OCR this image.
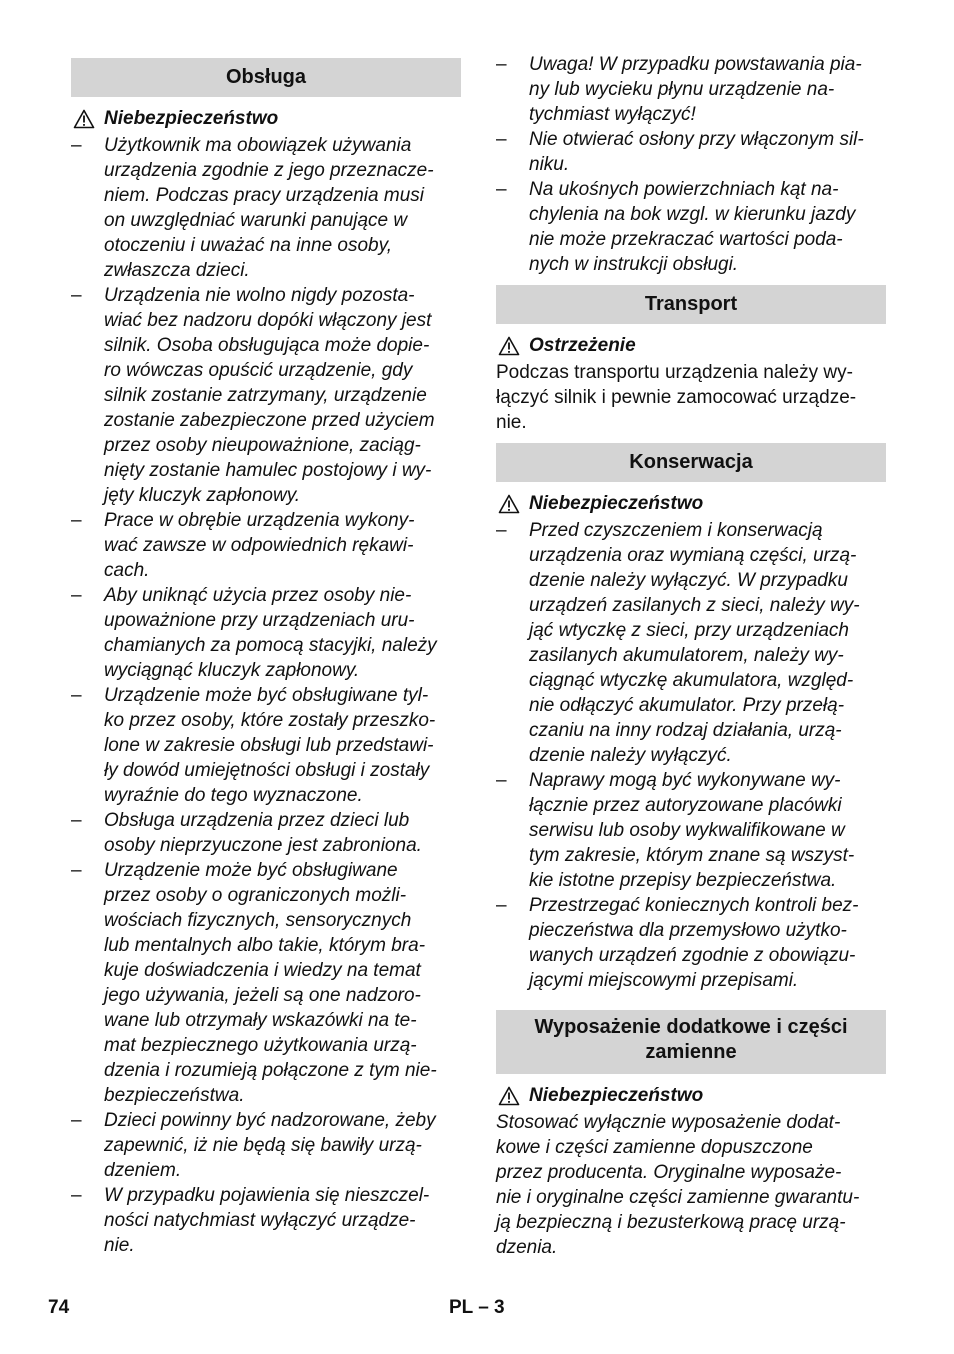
Obsługa
Niebezpieczeństwo
– Użytkownik ma obowiązek używania
urządzenia zgodnie z jego przeznacze-
niem. Podczas pracy urządzenia musi
on uwzględniać warunki panujące w
otoczeniu i uważać na inne osoby,
zwłaszcza dzieci.
– Urządzenia nie wolno nigdy pozosta-
wiać bez nadzoru dopóki włączony jest
silnik. Osoba obsługująca może dopie-
ro wówczas opuścić urządzenie, gdy
silnik zostanie zatrzymany, urządzenie
zostanie zabezpieczone przed użyciem
przez osoby nieupoważnione, zaciąg-
nięty zostanie hamulec postojowy i wy-
jęty kluczyk zapłonowy.
– Prace w obrębie urządzenia wykony-
wać zawsze w odpowiednich rękawi-
cach.
– Aby uniknąć użycia przez osoby nie-
upoważnione przy urządzeniach uru-
chamianych za pomocą stacyjki, należy
wyciągnąć kluczyk zapłonowy.
– Urządzenie może być obsługiwane tyl-
ko przez osoby, które zostały przeszko-
lone w zakresie obsługi lub przedstawi-
ły dowód umiejętności obsługi i zostały
wyraźnie do tego wyznaczone.
– Obsługa urządzenia przez dzieci lub
osoby nieprzyuczone jest zabroniona.
– Urządzenie może być obsługiwane
przez osoby o ograniczonych możli-
wościach fizycznych, sensorycznych
lub mentalnych albo takie, którym bra-
kuje doświadczenia i wiedzy na temat
jego używania, jeżeli są one nadzoro-
wane lub otrzymały wskazówki na te-
mat bezpiecznego użytkowania urzą-
dzenia i rozumieją połączone z tym nie-
bezpieczeństwa.
– Dzieci powinny być nadzorowane, żeby
zapewnić, iż nie będą się bawiły urzą-
dzeniem.
– W przypadku pojawienia się nieszczel-
ności natychmiast wyłączyć urządze-
nie.
– Uwaga! W przypadku powstawania pia-
ny lub wycieku płynu urządzenie na-
tychmiast wyłączyć!
– Nie otwierać osłony przy włączonym sil-
niku.
– Na ukośnych powierzchniach kąt na-
chylenia na bok wzgl. w kierunku jazdy
nie może przekraczać wartości poda-
nych w instrukcji obsługi.
Transport
Ostrzeżenie
Podczas transportu urządzenia należy wy-
łączyć silnik i pewnie zamocować urządze-
nie.
Konserwacja
Niebezpieczeństwo
– Przed czyszczeniem i konserwacją
urządzenia oraz wymianą części, urzą-
dzenie należy wyłączyć. W przypadku
urządzeń zasilanych z sieci, należy wy-
jąć wtyczkę z sieci, przy urządzeniach
zasilanych akumulatorem, należy wy-
ciągnąć wtyczkę akumulatora, względ-
nie odłączyć akumulator. Przy przełą-
czaniu na inny rodzaj działania, urzą-
dzenie należy wyłączyć.
– Naprawy mogą być wykonywane wy-
łącznie przez autoryzowane placówki
serwisu lub osoby wykwalifikowane w
tym zakresie, którym znane są wszyst-
kie istotne przepisy bezpieczeństwa.
– Przestrzegać koniecznych kontroli bez-
pieczeństwa dla przemysłowo użytko-
wanych urządzeń zgodnie z obowiązu-
jącymi miejscowymi przepisami.
Wyposażenie dodatkowe i części
zamienne
Niebezpieczeństwo
Stosować wyłącznie wyposażenie dodat-
kowe i części zamienne dopuszczone
przez producenta. Oryginalne wyposaże-
nie i oryginalne części zamienne gwarantu-
ją bezpieczną i bezusterkową pracę urzą-
dzenia.
74	PL – 3
